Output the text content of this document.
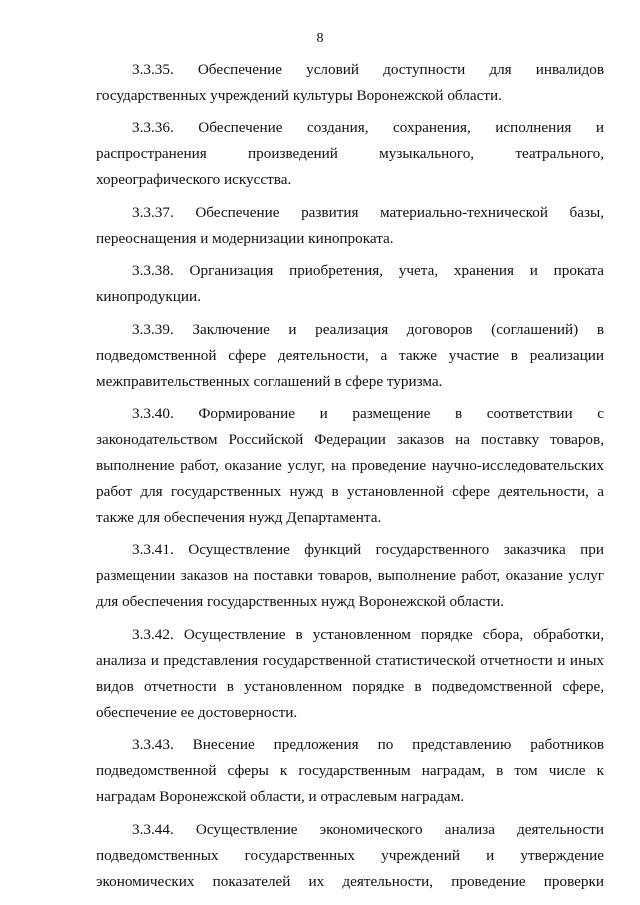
8

3.3.35. Обеспечение условий доступности для инвалидов государственных учреждений культуры Воронежской области.

3.3.36. Обеспечение создания, сохранения, исполнения и распространения произведений музыкального, театрального, хореографического искусства.

3.3.37. Обеспечение развития материально-технической базы, переоснащения и модернизации кинопроката.

3.3.38. Организация приобретения, учета, хранения и проката кинопродукции.

3.3.39. Заключение и реализация договоров (соглашений) в подведомственной сфере деятельности, а также участие в реализации межправительственных соглашений в сфере туризма.

3.3.40. Формирование и размещение в соответствии с законодательством Российской Федерации заказов на поставку товаров, выполнение работ, оказание услуг, на проведение научно-исследовательских работ для государственных нужд в установленной сфере деятельности, а также для обеспечения нужд Департамента.

3.3.41. Осуществление функций государственного заказчика при размещении заказов на поставки товаров, выполнение работ, оказание услуг для обеспечения государственных нужд Воронежской области.

3.3.42. Осуществление в установленном порядке сбора, обработки, анализа и представления государственной статистической отчетности и иных видов отчетности в установленном порядке в подведомственной сфере, обеспечение ее достоверности.

3.3.43. Внесение предложения по представлению работников подведомственной сферы к государственным наградам, в том числе к наградам Воронежской области, и отраслевым наградам.

3.3.44. Осуществление экономического анализа деятельности подведомственных государственных учреждений и утверждение экономических показателей их деятельности, проведение проверки
